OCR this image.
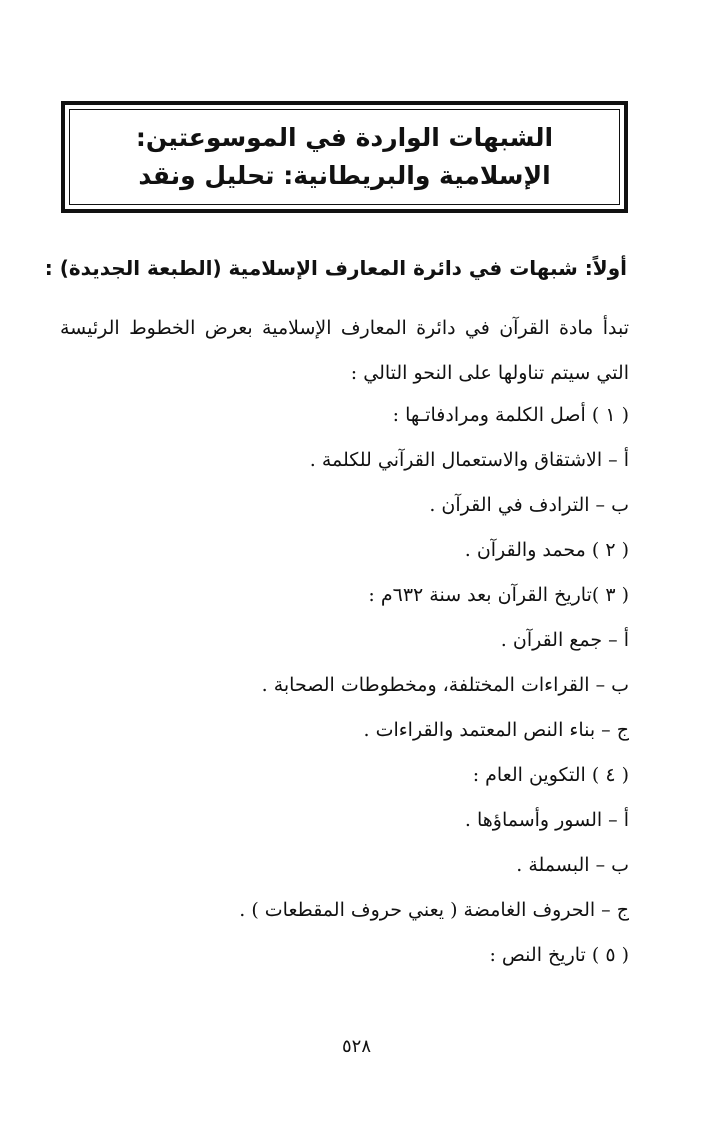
الشبهات الواردة في الموسوعتين:
الإسلامية والبريطانية: تحليل ونقد
أولاً: شبهات في دائرة المعارف الإسلامية (الطبعة الجديدة) :
تبدأ مادة القرآن في دائرة المعارف الإسلامية بعرض الخطوط الرئيسة التي سيتم تناولها على النحو التالي :
( ١ ) أصل الكلمة ومرادفاتـها :
أ – الاشتقاق والاستعمال القرآني للكلمة .
ب – الترادف في القرآن .
( ٢ ) محمد والقرآن .
( ٣ )تاريخ القرآن بعد سنة ٦٣٢م :
أ – جمع القرآن .
ب – القراءات المختلفة، ومخطوطات الصحابة .
ج – بناء النص المعتمد والقراءات .
( ٤ ) التكوين العام :
أ – السور وأسماؤها .
ب – البسملة .
ج – الحروف الغامضة ( يعني حروف المقطعات ) .
( ٥ ) تاريخ النص :
٥٢٨
